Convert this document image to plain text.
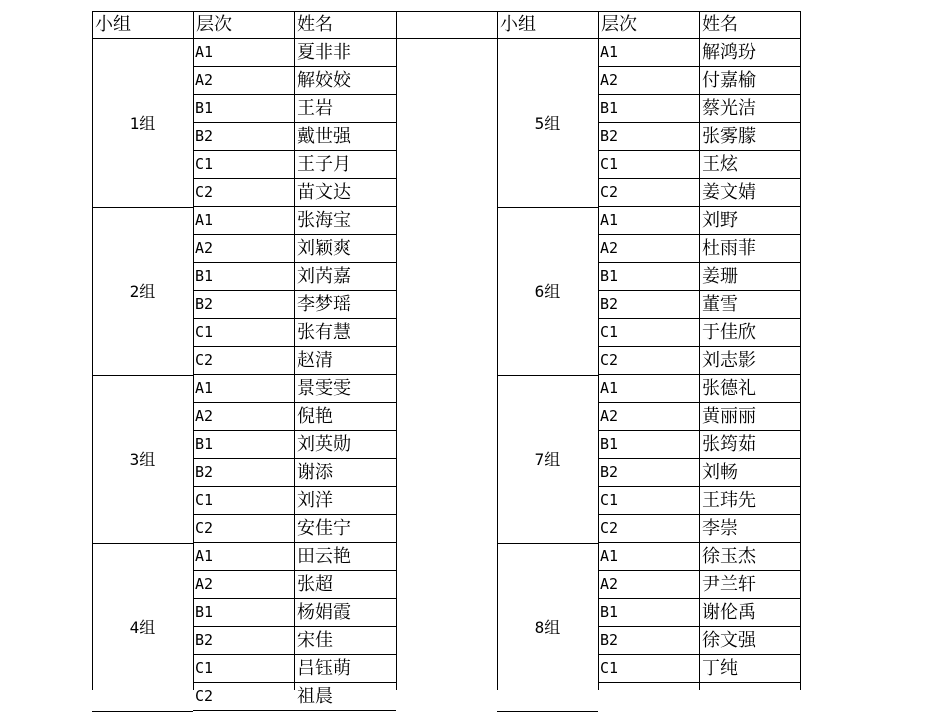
小组	层次	姓名
1组
A1	夏非非
A2	解姣姣
B1	王岩
B2	戴世强
C1	王子月
C2	苗文达
2组
A1	张海宝
A2	刘颖爽
B1	刘芮嘉
B2	李梦瑶
C1	张有慧
C2	赵清
3组
A1	景雯雯
A2	倪艳
B1	刘英勋
B2	谢添
C1	刘洋
C2	安佳宁
4组
A1	田云艳
A2	张超
B1	杨娟霞
B2	宋佳
C1	吕钰萌
C2	祖晨
小组	层次	姓名
5组
A1	解鸿玢
A2	付嘉榆
B1	蔡光洁
B2	张雾朦
C1	王炫
C2	姜文婧
6组
A1	刘野
A2	杜雨菲
B1	姜珊
B2	董雪
C1	于佳欣
C2	刘志影
7组
A1	张德礼
A2	黄丽丽
B1	张筠茹
B2	刘畅
C1	王玮先
C2	李崇
8组
A1	徐玉杰
A2	尹兰轩
B1	谢伦禹
B2	徐文强
C1	丁纯
